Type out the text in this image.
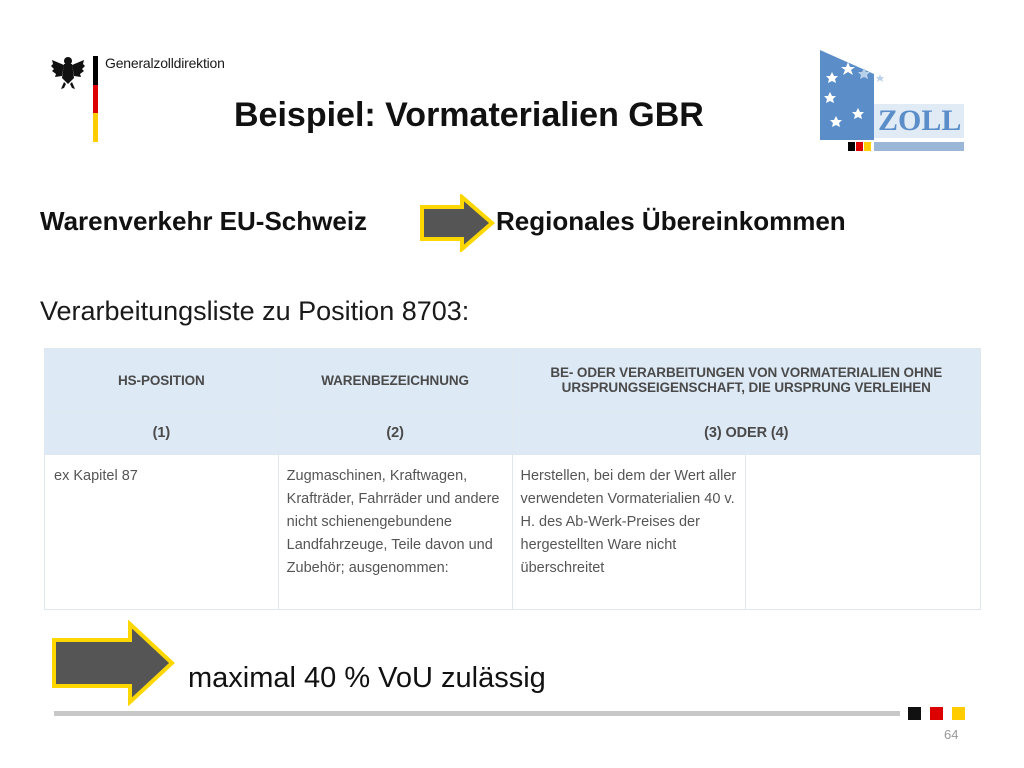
Generalzolldirektion
Beispiel: Vormaterialien GBR	ZOLL
Warenverkehr EU-Schweiz	Regionales Übereinkommen
Verarbeitungsliste zu Position 8703:
HS-POSITION	WARENBEZEICHNUNG	BE- ODER VERARBEITUNGEN VON VORMATERIALIEN OHNE URSPRUNGSEIGENSCHAFT, DIE URSPRUNG VERLEIHEN	
(1)	(2)	(3) ODER (4)	
ex Kapitel 87	Zugmaschinen, Kraftwagen, Krafträder, Fahrräder und andere nicht schienengebundene Landfahrzeuge, Teile davon und Zubehör; ausgenommen:	Herstellen, bei dem der Wert aller verwendeten Vormaterialien 40 v. H. des Ab-Werk-Preises der hergestellten Ware nicht überschreitet	
maximal 40 % VoU zulässig
64
